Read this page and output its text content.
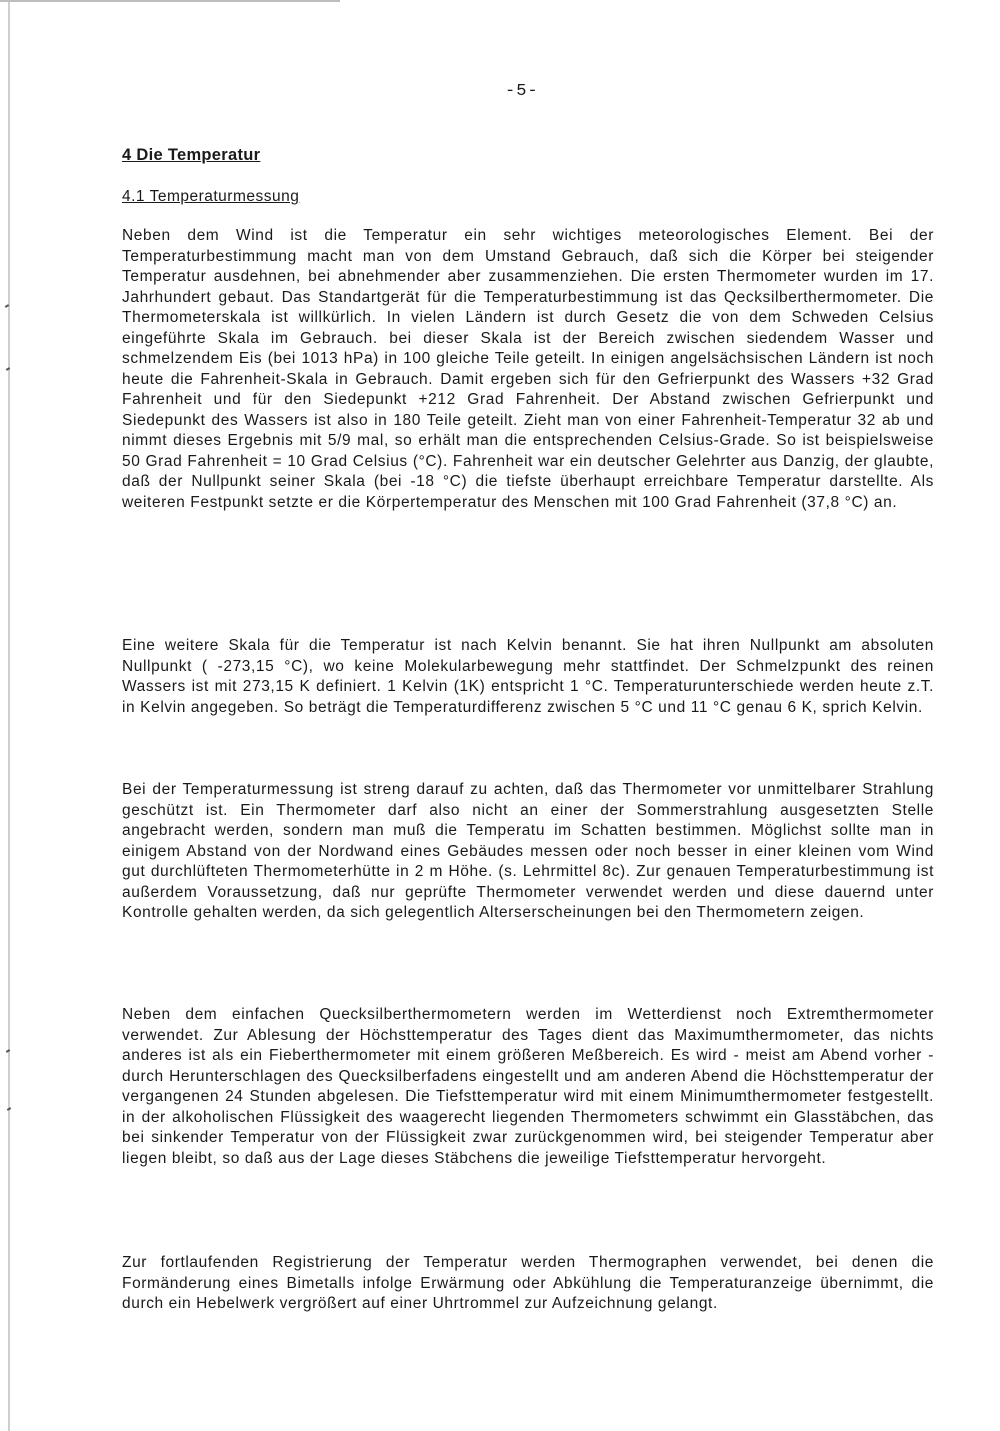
-5-
4 Die Temperatur
4.1 Temperaturmessung

Neben dem Wind ist die Temperatur ein sehr wichtiges meteorologisches Element. Bei der Temperaturbestimmung macht man von dem Umstand Gebrauch, daß sich die Körper bei steigender Temperatur ausdehnen, bei abnehmender aber zusammenziehen. Die ersten Thermometer wurden im 17. Jahrhundert gebaut. Das Standartgerät für die Temperaturbestimmung ist das Qecksilberthermometer. Die Thermometerskala ist willkürlich. In vielen Ländern ist durch Gesetz die von dem Schweden Celsius eingeführte Skala im Gebrauch. bei dieser Skala ist der Bereich zwischen siedendem Wasser und schmelzendem Eis (bei 1013 hPa) in 100 gleiche Teile geteilt. In einigen angelsächsischen Ländern ist noch heute die Fahrenheit-Skala in Gebrauch. Damit ergeben sich für den Gefrierpunkt des Wassers +32 Grad Fahrenheit und für den Siedepunkt +212 Grad Fahrenheit. Der Abstand zwischen Gefrierpunkt und Siedepunkt des Wassers ist also in 180 Teile geteilt. Zieht man von einer Fahrenheit-Temperatur 32 ab und nimmt dieses Ergebnis mit 5/9 mal, so erhält man die entsprechenden Celsius-Grade. So ist beispielsweise 50 Grad Fahrenheit = 10 Grad Celsius (°C). Fahrenheit war ein deutscher Gelehrter aus Danzig, der glaubte, daß der Nullpunkt seiner Skala (bei -18 °C) die tiefste überhaupt erreichbare Temperatur darstellte. Als weiteren Festpunkt setzte er die Körpertemperatur des Menschen mit 100 Grad Fahrenheit (37,8 °C) an.

Eine weitere Skala für die Temperatur ist nach Kelvin benannt. Sie hat ihren Nullpunkt am absoluten Nullpunkt ( -273,15 °C), wo keine Molekularbewegung mehr stattfindet. Der Schmelzpunkt des reinen Wassers ist mit 273,15 K definiert. 1 Kelvin (1K) entspricht 1 °C. Temperaturunterschiede werden heute z.T. in Kelvin angegeben. So beträgt die Temperaturdifferenz zwischen 5 °C und 11 °C genau 6 K, sprich Kelvin.

Bei der Temperaturmessung ist streng darauf zu achten, daß das Thermometer vor unmittelbarer Strahlung geschützt ist. Ein Thermometer darf also nicht an einer der Sommerstrahlung ausgesetzten Stelle angebracht werden, sondern man muß die Temperatu im Schatten bestimmen. Möglichst sollte man in einigem Abstand von der Nordwand eines Gebäudes messen oder noch besser in einer kleinen vom Wind gut durchlüfteten Thermometerhütte in 2 m Höhe. (s. Lehrmittel 8c). Zur genauen Temperaturbestimmung ist außerdem Voraussetzung, daß nur geprüfte Thermometer verwendet werden und diese dauernd unter Kontrolle gehalten werden, da sich gelegentlich Alterserscheinungen bei den Thermometern zeigen.

Neben dem einfachen Quecksilberthermometern werden im Wetterdienst noch Extremthermometer verwendet. Zur Ablesung der Höchsttemperatur des Tages dient das Maximumthermometer, das nichts anderes ist als ein Fieberthermometer mit einem größeren Meßbereich. Es wird - meist am Abend vorher - durch Herunterschlagen des Quecksilberfadens eingestellt und am anderen Abend die Höchsttemperatur der vergangenen 24 Stunden abgelesen. Die Tiefsttemperatur wird mit einem Minimumthermometer festgestellt. in der alkoholischen Flüssigkeit des waagerecht liegenden Thermometers schwimmt ein Glasstäbchen, das bei sinkender Temperatur von der Flüssigkeit zwar zurückgenommen wird, bei steigender Temperatur aber liegen bleibt, so daß aus der Lage dieses Stäbchens die jeweilige Tiefsttemperatur hervorgeht.

Zur fortlaufenden Registrierung der Temperatur werden Thermographen verwendet, bei denen die Formänderung eines Bimetalls infolge Erwärmung oder Abkühlung die Temperaturanzeige übernimmt, die durch ein Hebelwerk vergrößert auf einer Uhrtrommel zur Aufzeichnung gelangt.
